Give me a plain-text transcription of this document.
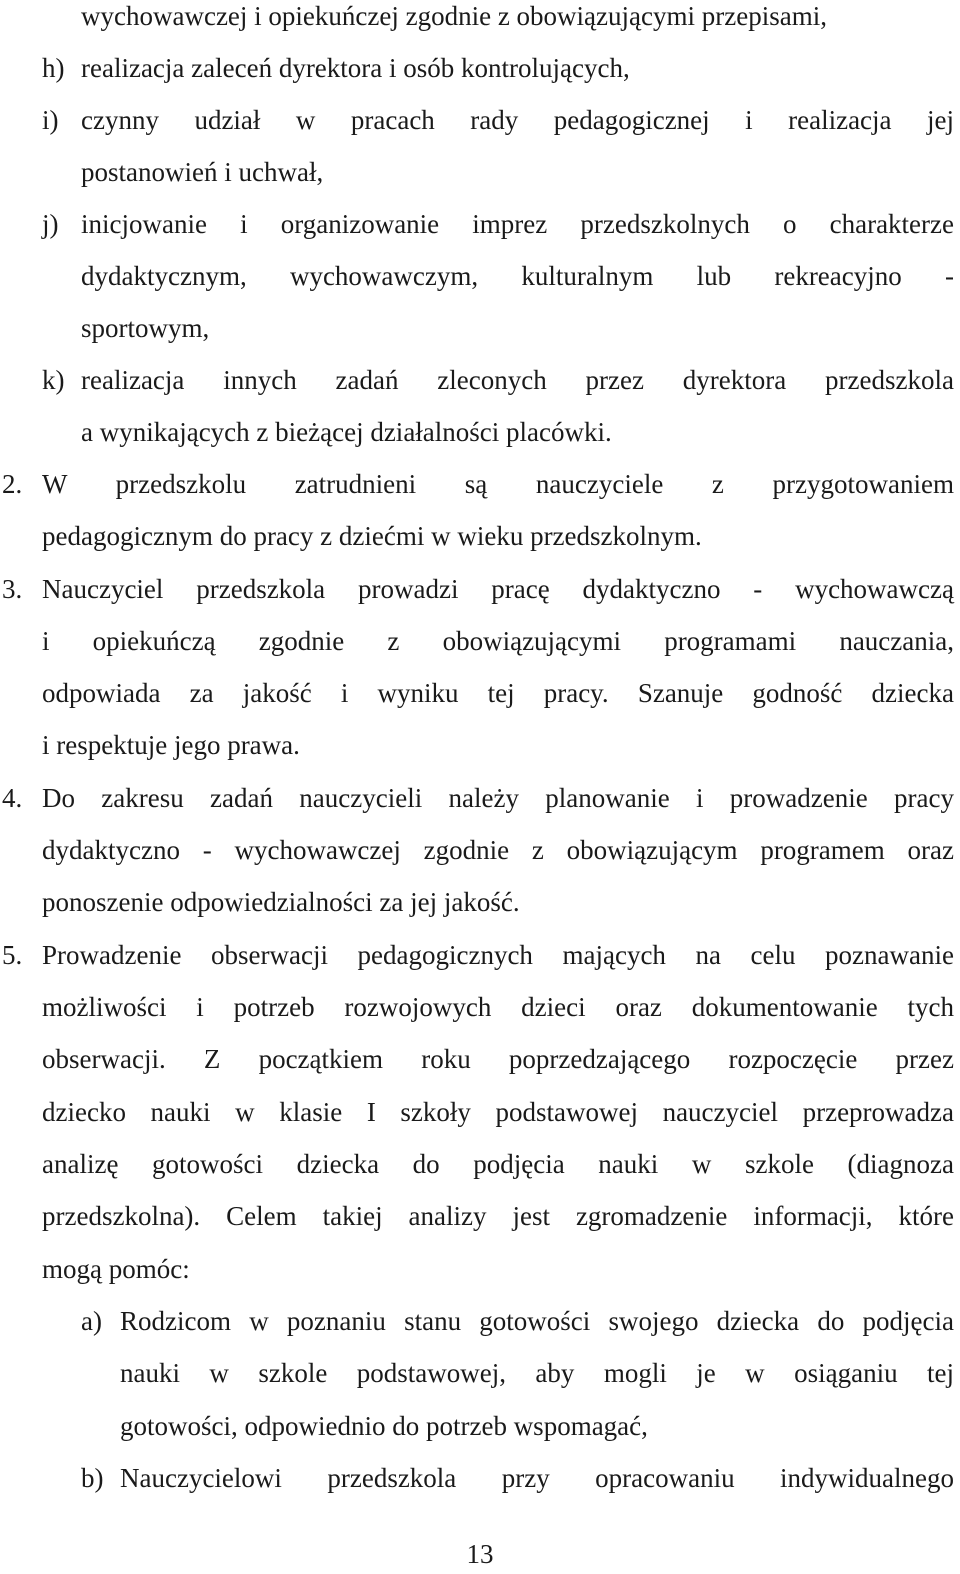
wychowawczej i opiekuńczej zgodnie z obowiązującymi przepisami,
h) realizacja zaleceń dyrektora i osób kontrolujących,
i) czynny udział w pracach rady pedagogicznej i realizacja jej
postanowień i uchwał,
j) inicjowanie i organizowanie imprez przedszkolnych o charakterze
dydaktycznym, wychowawczym, kulturalnym lub rekreacyjno -
sportowym,
k) realizacja innych zadań zleconych przez dyrektora przedszkola
a wynikających z bieżącej działalności placówki.
2. W przedszkolu zatrudnieni są nauczyciele z przygotowaniem
pedagogicznym do pracy z dziećmi w wieku przedszkolnym.
3. Nauczyciel przedszkola prowadzi pracę dydaktyczno - wychowawczą
i opiekuńczą zgodnie z obowiązującymi programami nauczania,
odpowiada za jakość i wyniku tej pracy. Szanuje godność dziecka
i respektuje jego prawa.
4. Do zakresu zadań nauczycieli należy planowanie i prowadzenie pracy
dydaktyczno - wychowawczej zgodnie z obowiązującym programem oraz
ponoszenie odpowiedzialności za jej jakość.
5. Prowadzenie obserwacji pedagogicznych mających na celu poznawanie
możliwości i potrzeb rozwojowych dzieci oraz dokumentowanie tych
obserwacji. Z początkiem roku poprzedzającego rozpoczęcie przez
dziecko nauki w klasie I szkoły podstawowej nauczyciel przeprowadza
analizę gotowości dziecka do podjęcia nauki w szkole (diagnoza
przedszkolna). Celem takiej analizy jest zgromadzenie informacji, które
mogą pomóc:
a) Rodzicom w poznaniu stanu gotowości swojego dziecka do podjęcia
nauki w szkole podstawowej, aby mogli je w osiąganiu tej
gotowości, odpowiednio do potrzeb wspomagać,
b) Nauczycielowi przedszkola przy opracowaniu indywidualnego
13
